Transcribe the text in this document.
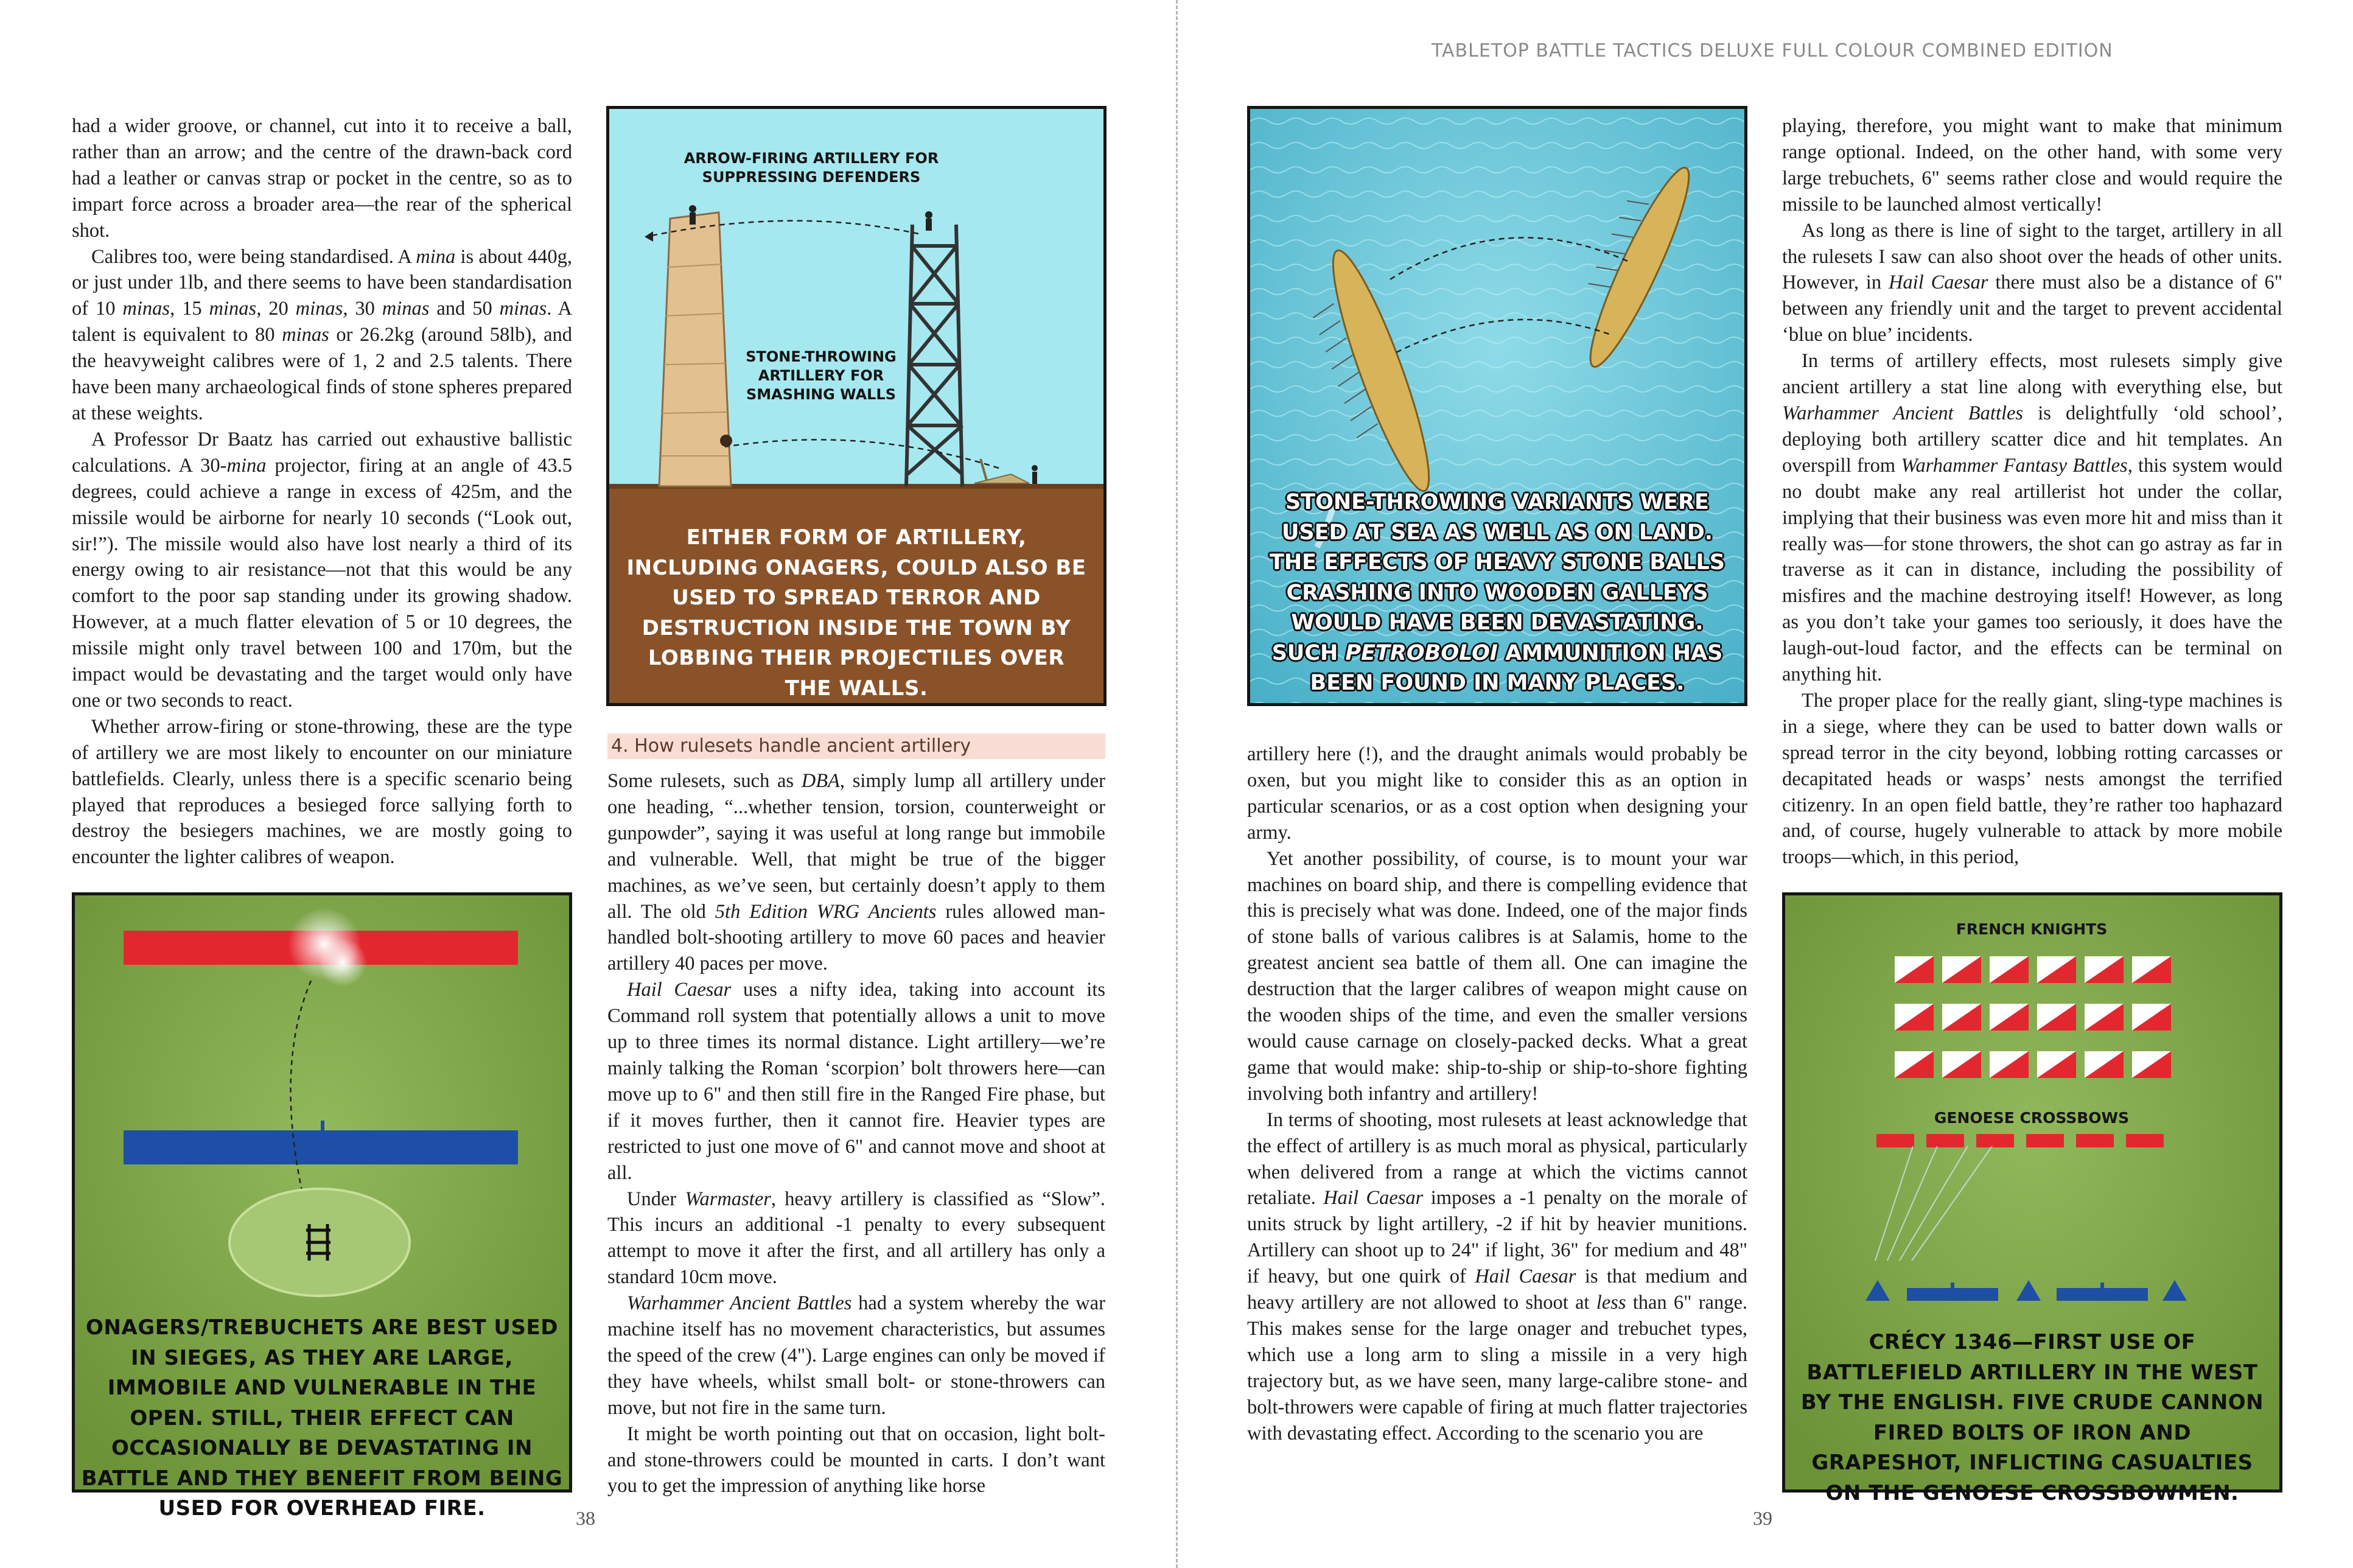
TABLETOP BATTLE TACTICS DELUXE FULL COLOUR COMBINED EDITION

had a wider groove, or channel, cut into it to receive a ball, rather than an arrow; and the centre of the drawn-back cord had a leather or canvas strap or pocket in the centre, so as to impart force across a broader area—the rear of the spherical shot.

Calibres too, were being standardised. A mina is about 440g, or just under 1lb, and there seems to have been standardisation of 10 minas, 15 minas, 20 minas, 30 minas and 50 minas. A talent is equivalent to 80 minas or 26.2kg (around 58lb), and the heavyweight calibres were of 1, 2 and 2.5 talents. There have been many archaeological finds of stone spheres prepared at these weights.

A Professor Dr Baatz has carried out exhaustive ballistic calculations. A 30-mina projector, firing at an angle of 43.5 degrees, could achieve a range in excess of 425m, and the missile would be airborne for nearly 10 seconds (“Look out, sir!”). The missile would also have lost nearly a third of its energy owing to air resistance—not that this would be any comfort to the poor sap standing under its growing shadow. However, at a much flatter elevation of 5 or 10 degrees, the missile might only travel between 100 and 170m, but the impact would be devastating and the target would only have one or two seconds to react.

Whether arrow-firing or stone-throwing, these are the type of artillery we are most likely to encounter on our miniature battlefields. Clearly, unless there is a specific scenario being played that reproduces a besieged force sallying forth to destroy the besiegers machines, we are mostly going to encounter the lighter calibres of weapon.

ARROW-FIRING ARTILLERY FOR SUPPRESSING DEFENDERS
STONE-THROWING ARTILLERY FOR SMASHING WALLS
EITHER FORM OF ARTILLERY, INCLUDING ONAGERS, COULD ALSO BE USED TO SPREAD TERROR AND DESTRUCTION INSIDE THE TOWN BY LOBBING THEIR PROJECTILES OVER THE WALLS.
4. How rulesets handle ancient artillery

Some rulesets, such as DBA, simply lump all artillery under one heading, “...whether tension, torsion, counterweight or gunpowder”, saying it was useful at long range but immobile and vulnerable. Well, that might be true of the bigger machines, as we’ve seen, but certainly doesn’t apply to them all. The old 5th Edition WRG Ancients rules allowed man-handled bolt-shooting artillery to move 60 paces and heavier artillery 40 paces per move.

Hail Caesar uses a nifty idea, taking into account its Command roll system that potentially allows a unit to move up to three times its normal distance. Light artillery—we’re mainly talking the Roman ‘scorpion’ bolt throwers here—can move up to 6" and then still fire in the Ranged Fire phase, but if it moves further, then it cannot fire. Heavier types are restricted to just one move of 6" and cannot move and shoot at all.

Under Warmaster, heavy artillery is classified as “Slow”. This incurs an additional -1 penalty to every subsequent attempt to move it after the first, and all artillery has only a standard 10cm move.

Warhammer Ancient Battles had a system whereby the war machine itself has no movement characteristics, but assumes the speed of the crew (4"). Large engines can only be moved if they have wheels, whilst small bolt- or stone-throwers can move, but not fire in the same turn.

It might be worth pointing out that on occasion, light bolt- and stone-throwers could be mounted in carts. I don’t want you to get the impression of anything like horse

ONAGERS/TREBUCHETS ARE BEST USED IN SIEGES, AS THEY ARE LARGE, IMMOBILE AND VULNERABLE IN THE OPEN. STILL, THEIR EFFECT CAN OCCASIONALLY BE DEVASTATING IN BATTLE AND THEY BENEFIT FROM BEING USED FOR OVERHEAD FIRE.	38
STONE-THROWING VARIANTS WERE USED AT SEA AS WELL AS ON LAND. THE EFFECTS OF HEAVY STONE BALLS CRASHING INTO WOODEN GALLEYS WOULD HAVE BEEN DEVASTATING. SUCH PETROBOLOI AMMUNITION HAS BEEN FOUND IN MANY PLACES.

artillery here (!), and the draught animals would probably be oxen, but you might like to consider this as an option in particular scenarios, or as a cost option when designing your army.

Yet another possibility, of course, is to mount your war machines on board ship, and there is compelling evidence that this is precisely what was done. Indeed, one of the major finds of stone balls of various calibres is at Salamis, home to the greatest ancient sea battle of them all. One can imagine the destruction that the larger calibres of weapon might cause on the wooden ships of the time, and even the smaller versions would cause carnage on closely-packed decks. What a great game that would make: ship-to-ship or ship-to-shore fighting involving both infantry and artillery!

In terms of shooting, most rulesets at least acknowledge that the effect of artillery is as much moral as physical, particularly when delivered from a range at which the victims cannot retaliate. Hail Caesar imposes a -1 penalty on the morale of units struck by light artillery, -2 if hit by heavier munitions. Artillery can shoot up to 24" if light, 36" for medium and 48" if heavy, but one quirk of Hail Caesar is that medium and heavy artillery are not allowed to shoot at less than 6" range. This makes sense for the large onager and trebuchet types, which use a long arm to sling a missile in a very high trajectory but, as we have seen, many large-calibre stone- and bolt-throwers were capable of firing at much flatter trajectories with devastating effect. According to the scenario you are

playing, therefore, you might want to make that minimum range optional. Indeed, on the other hand, with some very large trebuchets, 6" seems rather close and would require the missile to be launched almost vertically!

As long as there is line of sight to the target, artillery in all the rulesets I saw can also shoot over the heads of other units. However, in Hail Caesar there must also be a distance of 6" between any friendly unit and the target to prevent accidental ‘blue on blue’ incidents.

In terms of artillery effects, most rulesets simply give ancient artillery a stat line along with everything else, but Warhammer Ancient Battles is delightfully ‘old school’, deploying both artillery scatter dice and hit templates. An overspill from Warhammer Fantasy Battles, this system would no doubt make any real artillerist hot under the collar, implying that their business was even more hit and miss than it really was—for stone throwers, the shot can go astray as far in traverse as it can in distance, including the possibility of misfires and the machine destroying itself! However, as long as you don’t take your games too seriously, it does have the laugh-out-loud factor, and the effects can be terminal on anything hit.

The proper place for the really giant, sling-type machines is in a siege, where they can be used to batter down walls or spread terror in the city beyond, lobbing rotting carcasses or decapitated heads or wasps’ nests amongst the terrified citizenry. In an open field battle, they’re rather too haphazard and, of course, hugely vulnerable to attack by more mobile troops—which, in this period,

FRENCH KNIGHTS
GENOESE CROSSBOWS
CRÉCY 1346—FIRST USE OF BATTLEFIELD ARTILLERY IN THE WEST BY THE ENGLISH. FIVE CRUDE CANNON FIRED BOLTS OF IRON AND GRAPESHOT, INFLICTING CASUALTIES ON THE GENOESE CROSSBOWMEN.
39
